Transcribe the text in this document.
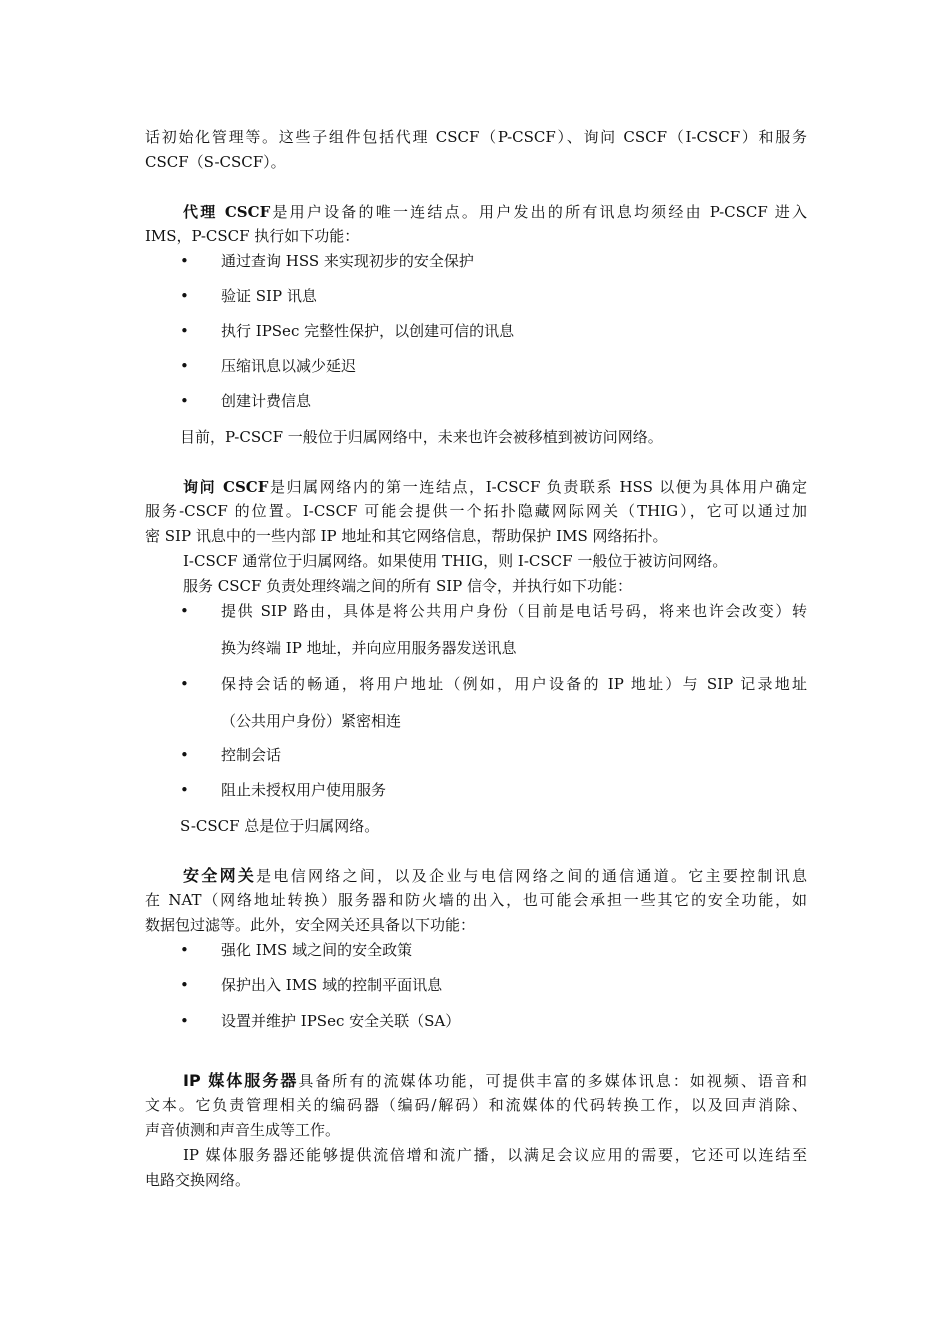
话初始化管理等。这些子组件包括代理 CSCF（P-CSCF）、询问 CSCF（I-CSCF）和服务
CSCF（S-CSCF）。
代理 CSCF是用户设备的唯一连结点。用户发出的所有讯息均须经由 P-CSCF 进入
IMS，P-CSCF 执行如下功能：
• 通过查询 HSS 来实现初步的安全保护
• 验证 SIP 讯息
• 执行 IPSec 完整性保护，以创建可信的讯息
• 压缩讯息以减少延迟
• 创建计费信息
目前，P-CSCF 一般位于归属网络中，未来也许会被移植到被访问网络。
询问 CSCF是归属网络内的第一连结点，I-CSCF 负责联系 HSS 以便为具体用户确定
服务-CSCF 的位置。I-CSCF 可能会提供一个拓扑隐藏网际网关（THIG），它可以通过加
密 SIP 讯息中的一些内部 IP 地址和其它网络信息，帮助保护 IMS 网络拓扑。
I-CSCF 通常位于归属网络。如果使用 THIG，则 I-CSCF 一般位于被访问网络。
服务 CSCF 负责处理终端之间的所有 SIP 信令，并执行如下功能：
• 提供 SIP 路由，具体是将公共用户身份（目前是电话号码，将来也许会改变）转
换为终端 IP 地址，并向应用服务器发送讯息
• 保持会话的畅通，将用户地址（例如，用户设备的 IP 地址）与 SIP 记录地址
（公共用户身份）紧密相连
• 控制会话
• 阻止未授权用户使用服务
S-CSCF 总是位于归属网络。
安全网关是电信网络之间，以及企业与电信网络之间的通信通道。它主要控制讯息
在 NAT（网络地址转换）服务器和防火墙的出入，也可能会承担一些其它的安全功能，如
数据包过滤等。此外，安全网关还具备以下功能：
• 强化 IMS 域之间的安全政策
• 保护出入 IMS 域的控制平面讯息
• 设置并维护 IPSec 安全关联（SA）
IP 媒体服务器具备所有的流媒体功能，可提供丰富的多媒体讯息：如视频、语音和
文本。它负责管理相关的编码器（编码/解码）和流媒体的代码转换工作，以及回声消除、
声音侦测和声音生成等工作。
IP 媒体服务器还能够提供流倍增和流广播，以满足会议应用的需要，它还可以连结至
电路交换网络。
